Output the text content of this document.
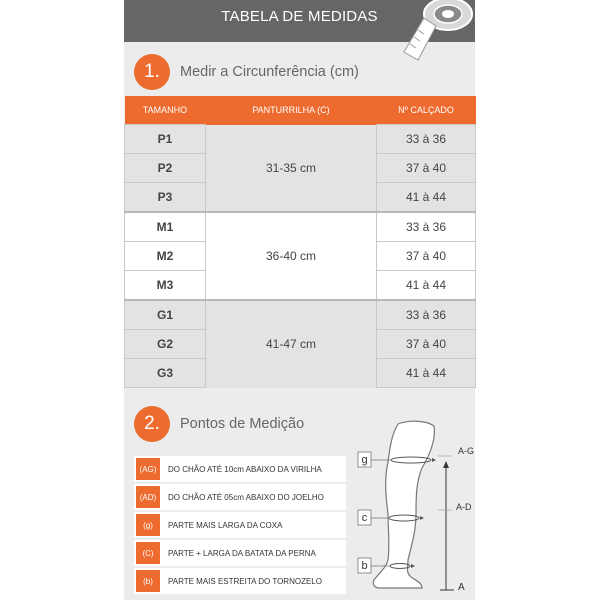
TABELA DE MEDIDAS
1.	Medir a Circunferência (cm)
TAMANHO	PANTURRILHA (C)	Nº CALÇADO
P1	31-35 cm	33 à 36
P2		37 à 40
P3		41 à 44
M1	36-40 cm	33 à 36
M2		37 à 40
M3		41 à 44
G1	41-47 cm	33 à 36
G2		37 à 40
G3		41 à 44
2.	Pontos de Medição
(AG)	DO CHÃO ATÉ 10cm ABAIXO DA VIRILHA
(AD)	DO CHÃO ATÉ 05cm ABAIXO DO JOELHO
(g)	PARTE MAIS LARGA DA COXA
(C)	PARTE + LARGA DA BATATA DA PERNA
(b)	PARTE MAIS ESTREITA DO TORNOZELO
g
c
b
A-G
A-D
A
